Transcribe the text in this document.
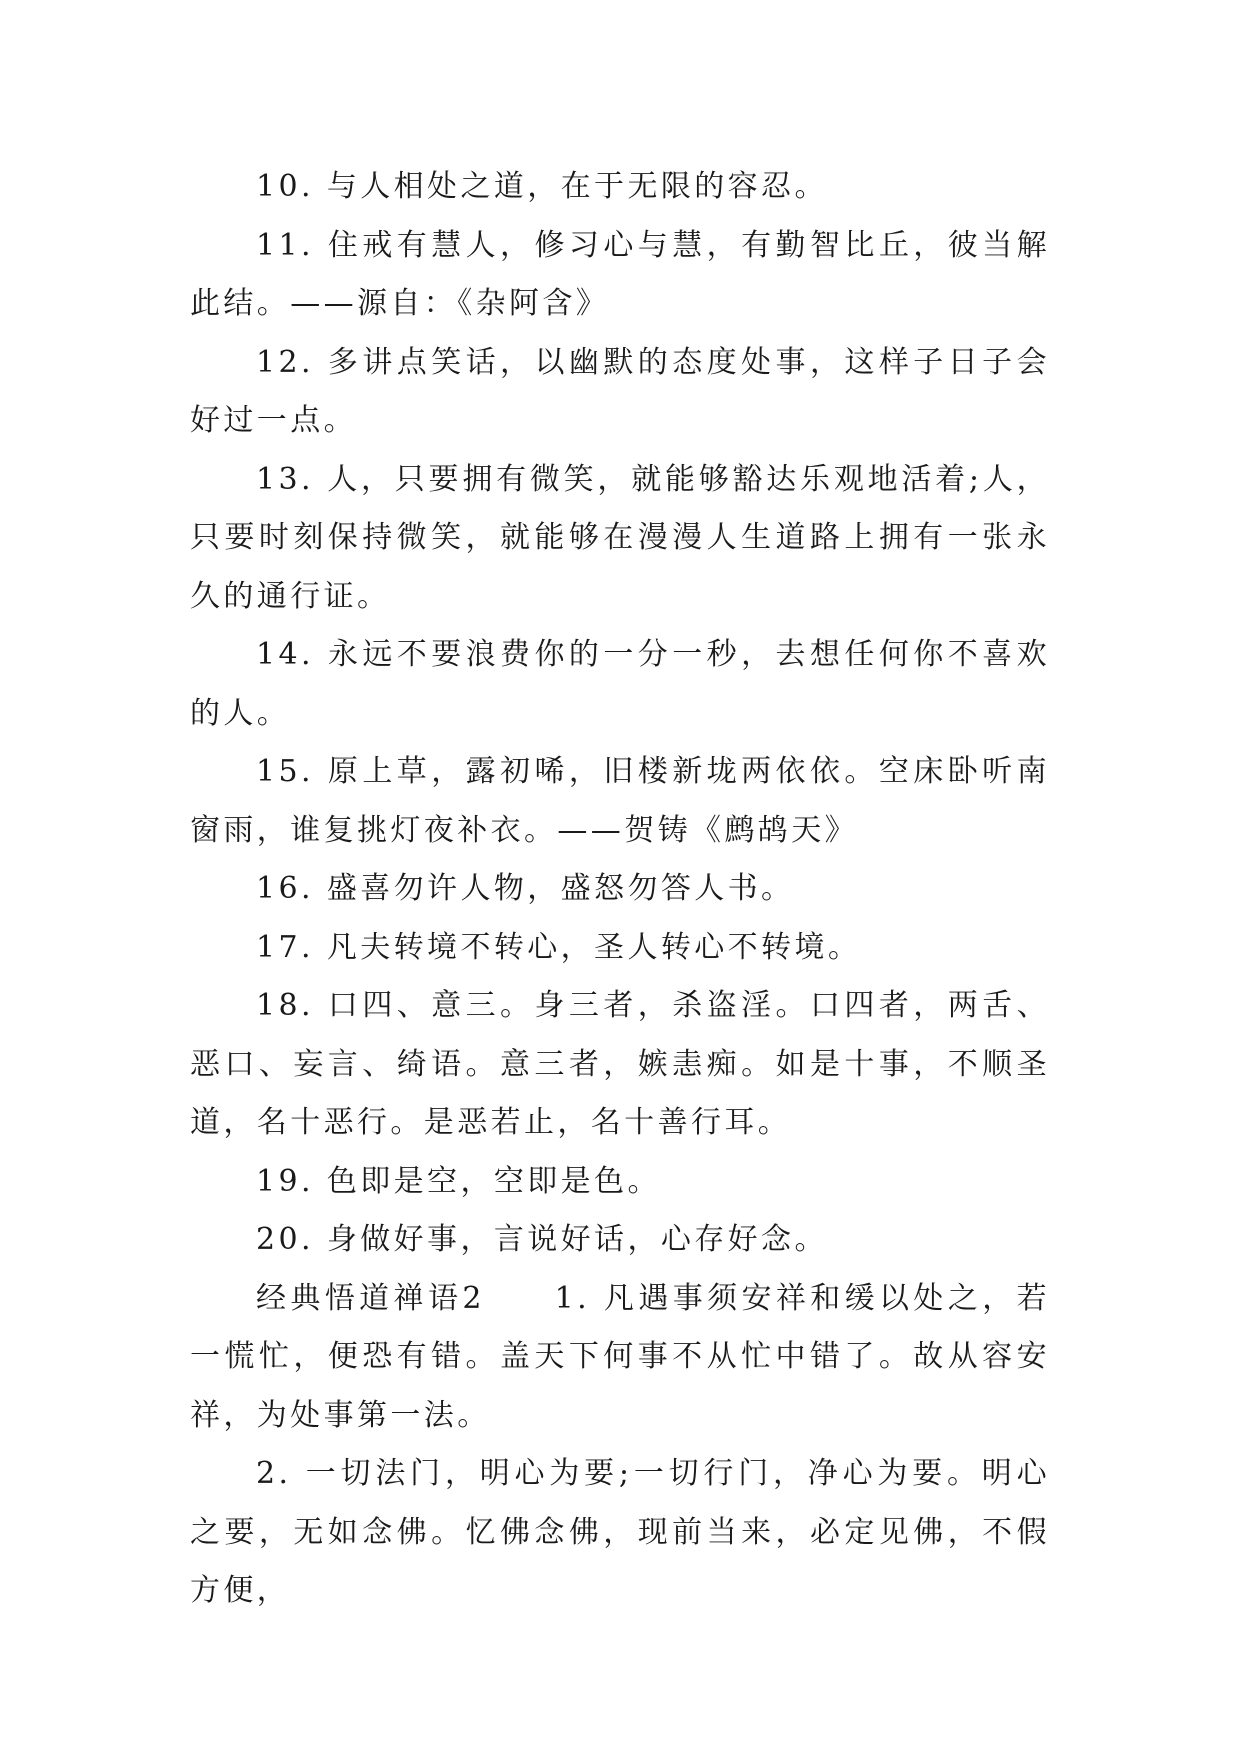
10. 与人相处之道，在于无限的容忍。

11. 住戒有慧人，修习心与慧，有勤智比丘，彼当解此结。——源自：《杂阿含》

12. 多讲点笑话，以幽默的态度处事，这样子日子会好过一点。

13. 人，只要拥有微笑，就能够豁达乐观地活着;人，只要时刻保持微笑，就能够在漫漫人生道路上拥有一张永久的通行证。

14. 永远不要浪费你的一分一秒，去想任何你不喜欢的人。

15. 原上草，露初唏，旧楼新垅两依依。空床卧听南窗雨，谁复挑灯夜补衣。——贺铸《鹧鸪天》

16. 盛喜勿许人物，盛怒勿答人书。

17. 凡夫转境不转心，圣人转心不转境。

18. 口四、意三。身三者，杀盗淫。口四者，两舌、恶口、妄言、绮语。意三者，嫉恚痴。如是十事，不顺圣道，名十恶行。是恶若止，名十善行耳。

19. 色即是空，空即是色。

20. 身做好事，言说好话，心存好念。

经典悟道禅语2　　1. 凡遇事须安祥和缓以处之，若一慌忙，便恐有错。盖天下何事不从忙中错了。故从容安祥，为处事第一法。

2. 一切法门，明心为要;一切行门，净心为要。明心之要，无如念佛。忆佛念佛，现前当来，必定见佛，不假方便，
